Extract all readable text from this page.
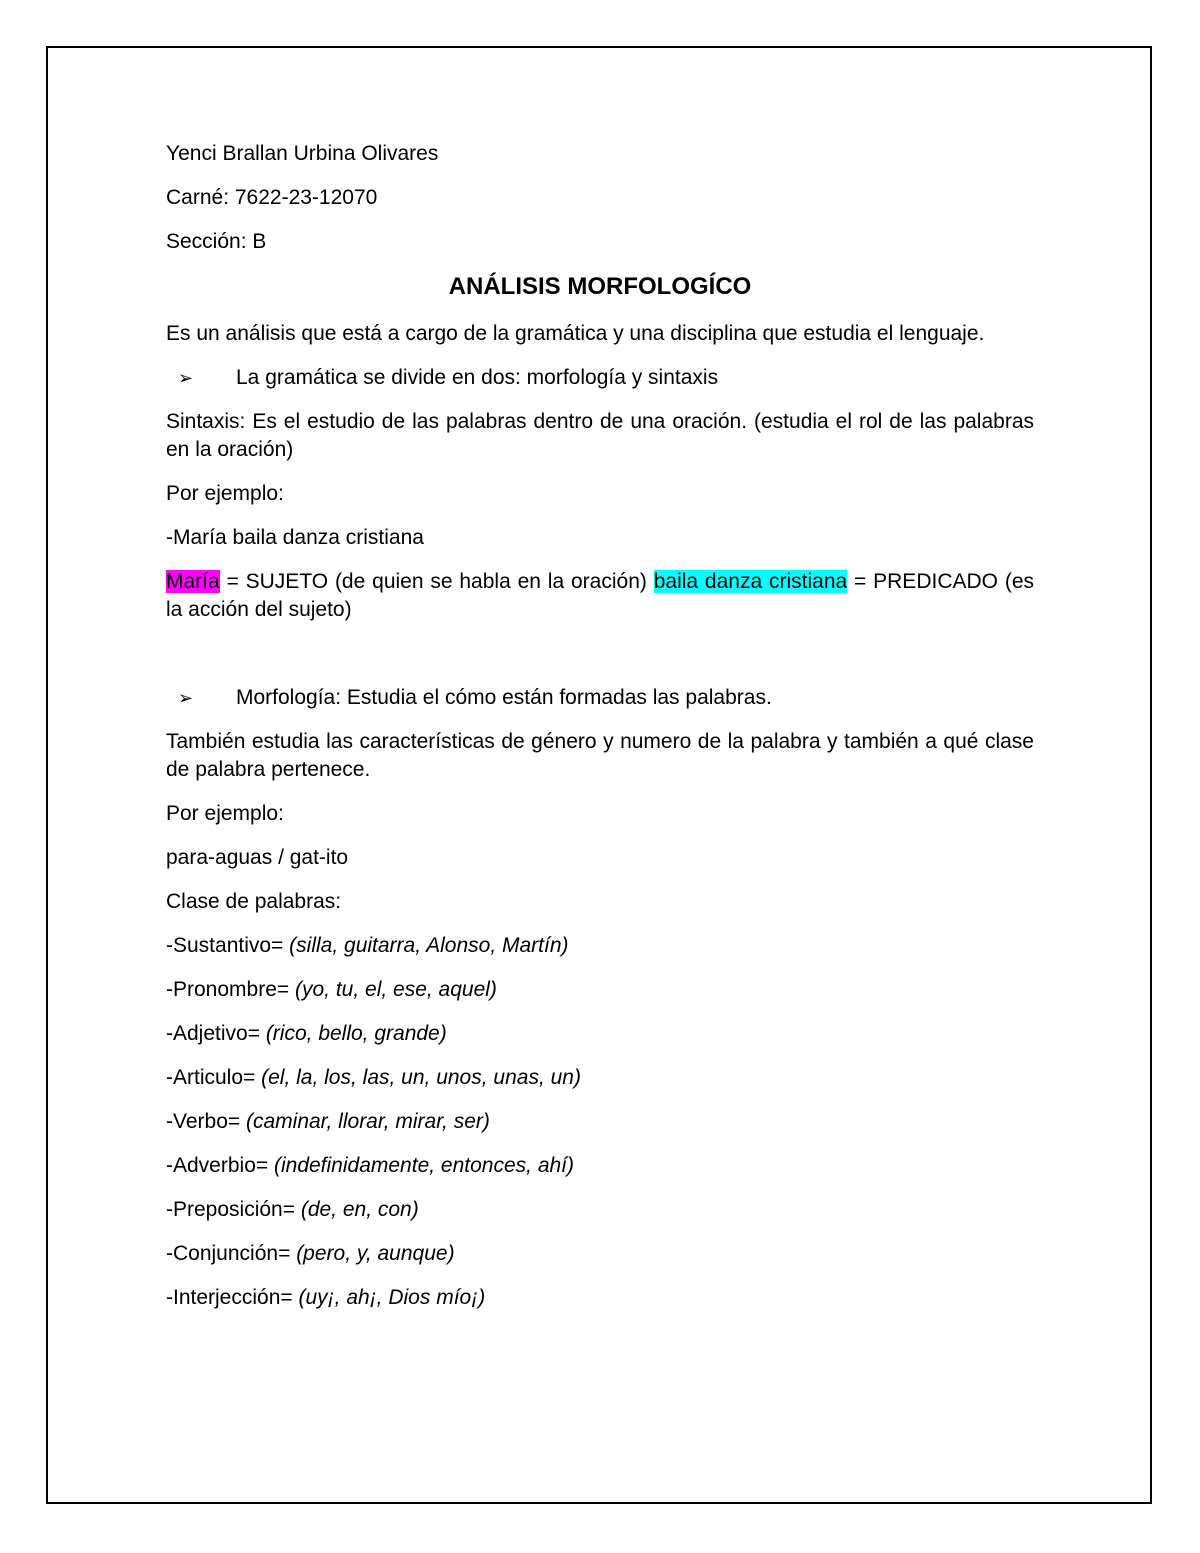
Yenci Brallan Urbina Olivares

Carné: 7622-23-12070

Sección: B

ANÁLISIS MORFOLOGÍCO

Es un análisis que está a cargo de la gramática y una disciplina que estudia el lenguaje.

➢	La gramática se divide en dos: morfología y sintaxis

Sintaxis: Es el estudio de las palabras dentro de una oración. (estudia el rol de las palabras en la oración)

Por ejemplo:

-María baila danza cristiana

María = SUJETO (de quien se habla en la oración) baila danza cristiana = PREDICADO (es la acción del sujeto)

➢	Morfología: Estudia el cómo están formadas las palabras.

También estudia las características de género y numero de la palabra y también a qué clase de palabra pertenece.

Por ejemplo:

para-aguas / gat-ito

Clase de palabras:

-Sustantivo= (silla, guitarra, Alonso, Martín)

-Pronombre= (yo, tu, el, ese, aquel)

-Adjetivo= (rico, bello, grande)

-Articulo= (el, la, los, las, un, unos, unas, un)

-Verbo= (caminar, llorar, mirar, ser)

-Adverbio= (indefinidamente, entonces, ahí)

-Preposición= (de, en, con)

-Conjunción= (pero, y, aunque)

-Interjección= (uy¡, ah¡, Dios mío¡)
